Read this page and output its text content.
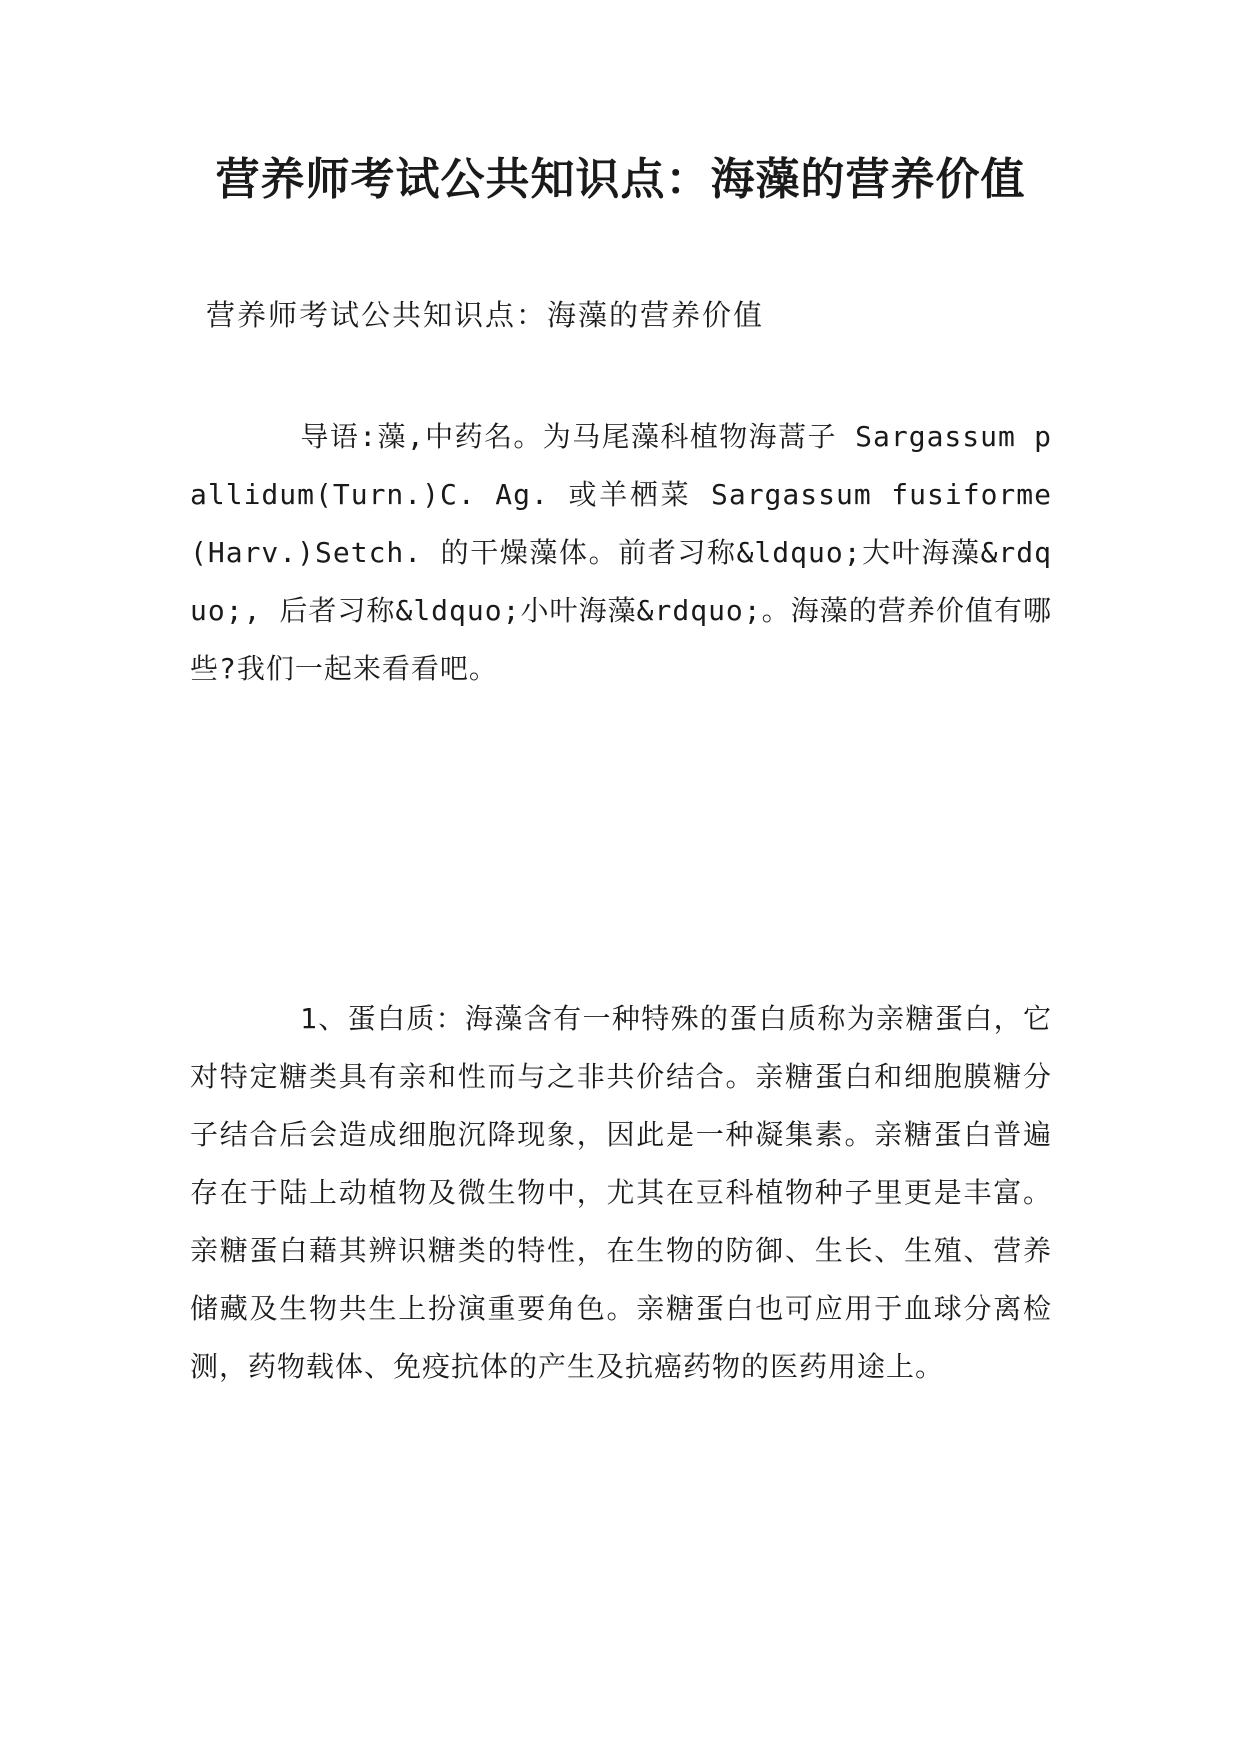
营养师考试公共知识点：海藻的营养价值

营养师考试公共知识点：海藻的营养价值

导语:藻,中药名。为马尾藻科植物海蒿子 Sargassum pallidum(Turn.)C. Ag. 或羊栖菜 Sargassum fusiforme (Harv.)Setch. 的干燥藻体。前者习称&ldquo;大叶海藻&rdquo;, 后者习称&ldquo;小叶海藻&rdquo;。海藻的营养价值有哪些?我们一起来看看吧。

1、蛋白质：海藻含有一种特殊的蛋白质称为亲糖蛋白，它对特定糖类具有亲和性而与之非共价结合。亲糖蛋白和细胞膜糖分子结合后会造成细胞沉降现象，因此是一种凝集素。亲糖蛋白普遍存在于陆上动植物及微生物中，尤其在豆科植物种子里更是丰富。亲糖蛋白藉其辨识糖类的特性，在生物的防御、生长、生殖、营养储藏及生物共生上扮演重要角色。亲糖蛋白也可应用于血球分离检测，药物载体、免疫抗体的产生及抗癌药物的医药用途上。
